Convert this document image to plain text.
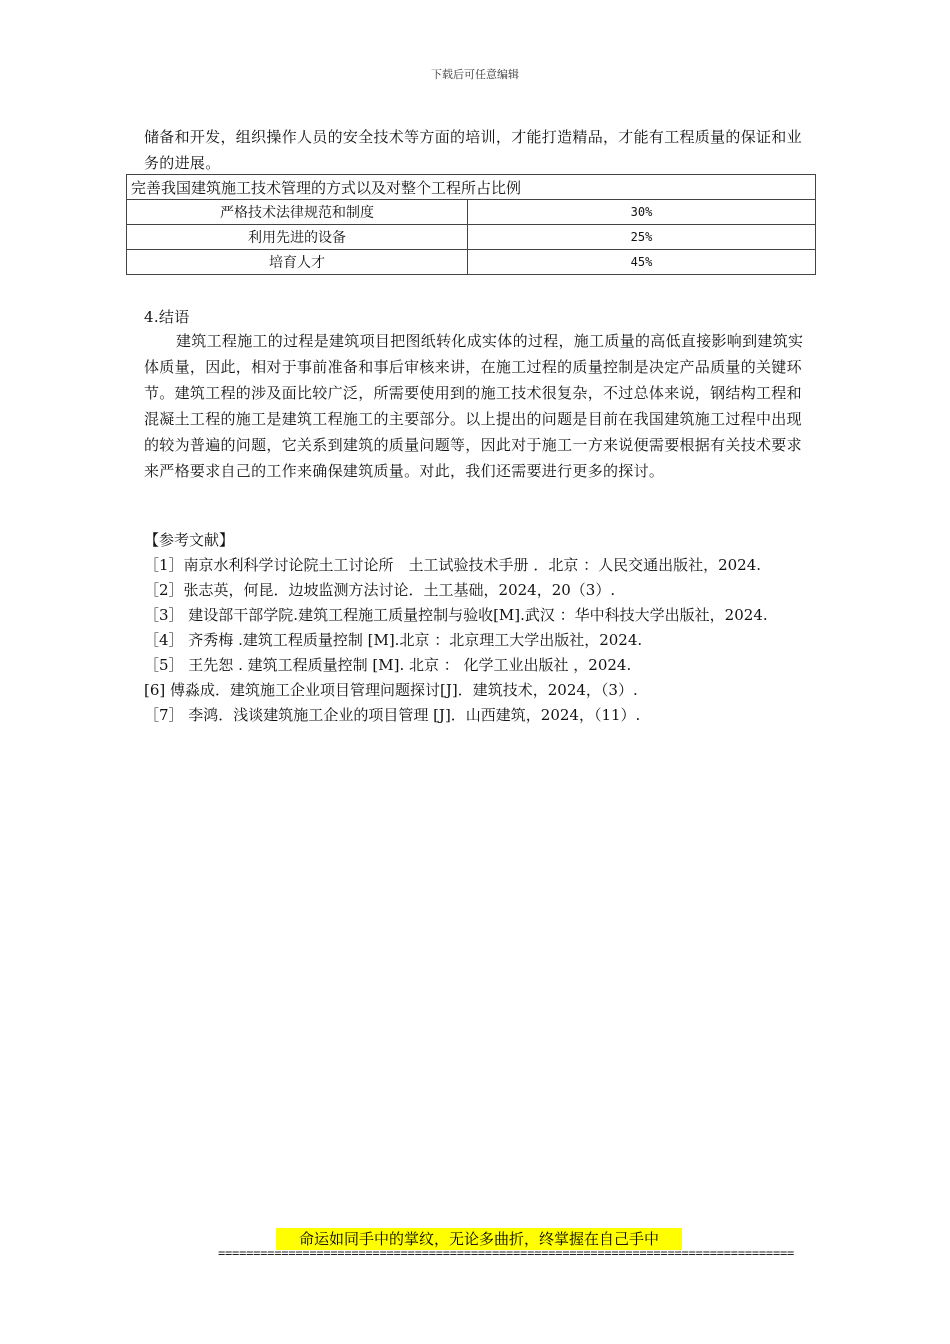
下载后可任意编辑
储备和开发，组织操作人员的安全技术等方面的培训，才能打造精品，才能有工程质量的保证和业务的进展。
完善我国建筑施工技术管理的方式以及对整个工程所占比例	
严格技术法律规范和制度	30%
利用先进的设备	25%
培育人才	45%
4.结语
建筑工程施工的过程是建筑项目把图纸转化成实体的过程，施工质量的高低直接影响到建筑实体质量，因此，相对于事前准备和事后审核来讲，在施工过程的质量控制是决定产品质量的关键环节。建筑工程的涉及面比较广泛，所需要使用到的施工技术很复杂，不过总体来说，钢结构工程和混凝土工程的施工是建筑工程施工的主要部分。以上提出的问题是目前在我国建筑施工过程中出现的较为普遍的问题，它关系到建筑的质量问题等，因此对于施工一方来说便需要根据有关技术要求来严格要求自己的工作来确保建筑质量。对此，我们还需要进行更多的探讨。
【参考文献】
［1］南京水利科学讨论院土工讨论所　土工试验技术手册 ．北京 ：人民交通出版社，2024.
［2］张志英，何昆．边坡监测方法讨论．土工基础，2024，20（3）.
［3］ 建设部干部学院.建筑工程施工质量控制与验收[M].武汉 ：华中科技大学出版社，2024.
［4］ 齐秀梅 .建筑工程质量控制 [M].北京 ：北京理工大学出版社，2024.
［5］ 王先恕 . 建筑工程质量控制 [M]. 北京 ： 化学工业出版社 ，2024.
[6] 傅淼成．建筑施工企业项目管理问题探讨[J]．建筑技术，2024，（3）.
［7］ 李鸿．浅谈建筑施工企业的项目管理 [J]．山西建筑，2024，（11）.
命运如同手中的掌纹，无论多曲折，终掌握在自己手中
==================================================================================
